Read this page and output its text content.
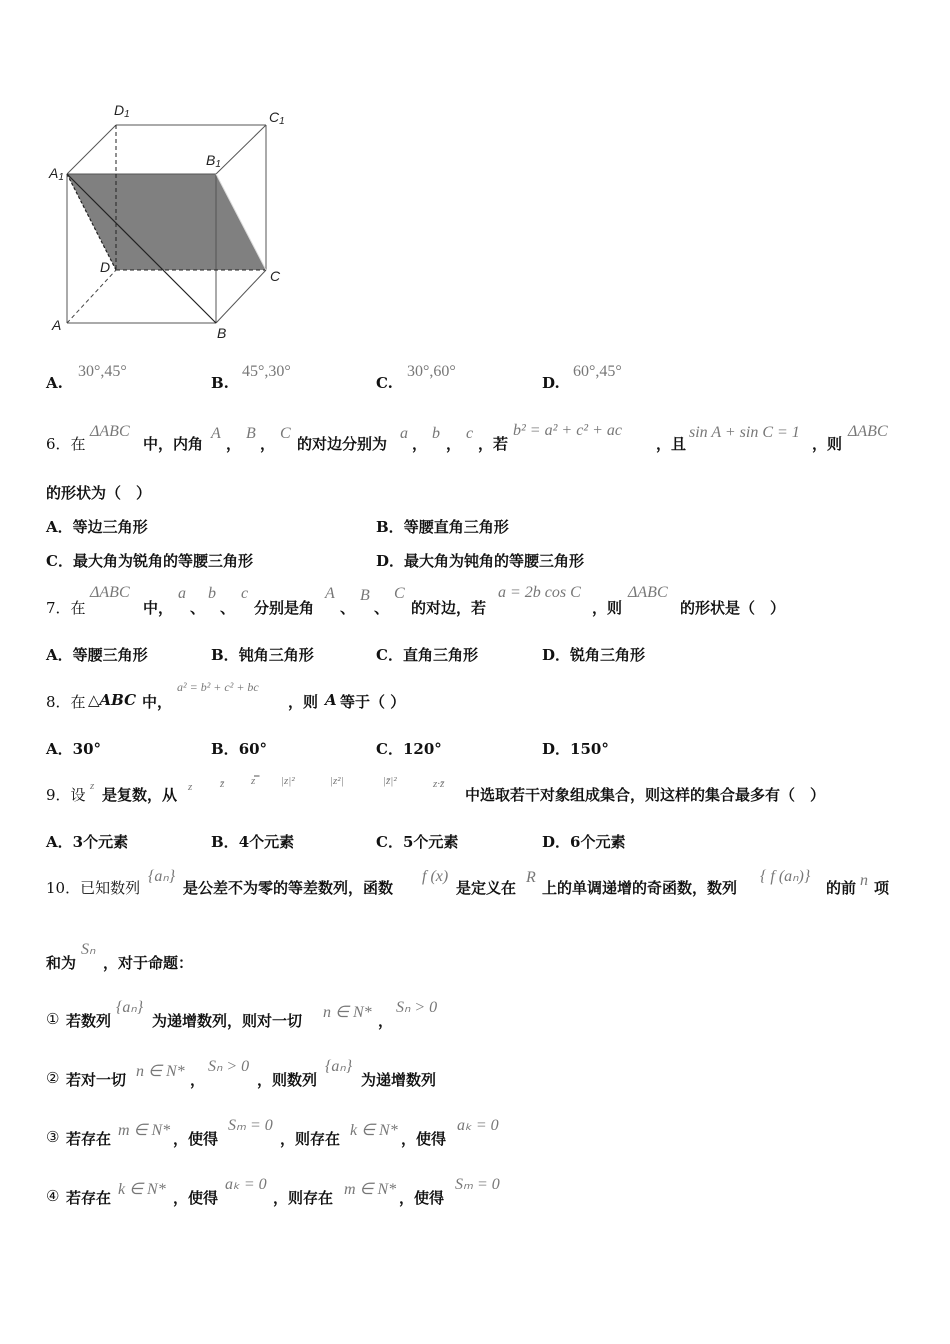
D1	C1
A1
B1
D
C
A	B
A.
30°,45°
B.
45°,30°
C.
30°,60°
D.
60°,45°
6．在
ΔABC
中，内角
A
，
B
，
C
的对边分别为
a
，
b
，
c
，若
b² = a² + c² + ac
，且
sin A + sin C = 1
，则
ΔABC
的形状为（　）
A．等边三角形	B．等腰直角三角形
C．最大角为锐角的等腰三角形	D．最大角为钝角的等腰三角形
7．在
ΔABC
中，
a
、
b
、
c
分别是角
A
、
B
、
C
的对边，若
a = 2b cos C
，则
ΔABC
的形状是（　）
A．等腰三角形	B．钝角三角形	C．直角三角形	D．锐角三角形
8．在 △ABC 中，
a² = b² + c² + bc
，则 A 等于（ ）
A．30°	B．60°	C．120°	D．150°
9．设 z 是复数，从 z	z̄ z̿ |z|²	|z²|	|z̄|²	z·z̄
中选取若干对象组成集合，则这样的集合最多有（　）
A．3个元素	B．4个元素	C．5个元素	D．6个元素
10．已知数列
{aₙ}
是公差不为零的等差数列，函数
f (x)
是定义在
R
上的单调递增的奇函数，数列
{ f (aₙ)}
的前 n 项
和为
Sₙ
，对于命题：
① 若数列
{aₙ}
为递增数列，则对一切 n ∈ N* ，
Sₙ > 0
② 若对一切 n ∈ N* ，
Sₙ > 0
，则数列
{aₙ}
为递增数列
③ 若存在 m ∈ N* ，使得
Sₘ = 0
，则存在 k ∈ N* ，使得
aₖ = 0
④ 若存在 k ∈ N* ，使得
aₖ = 0
，则存在 m ∈ N* ，使得
Sₘ = 0
